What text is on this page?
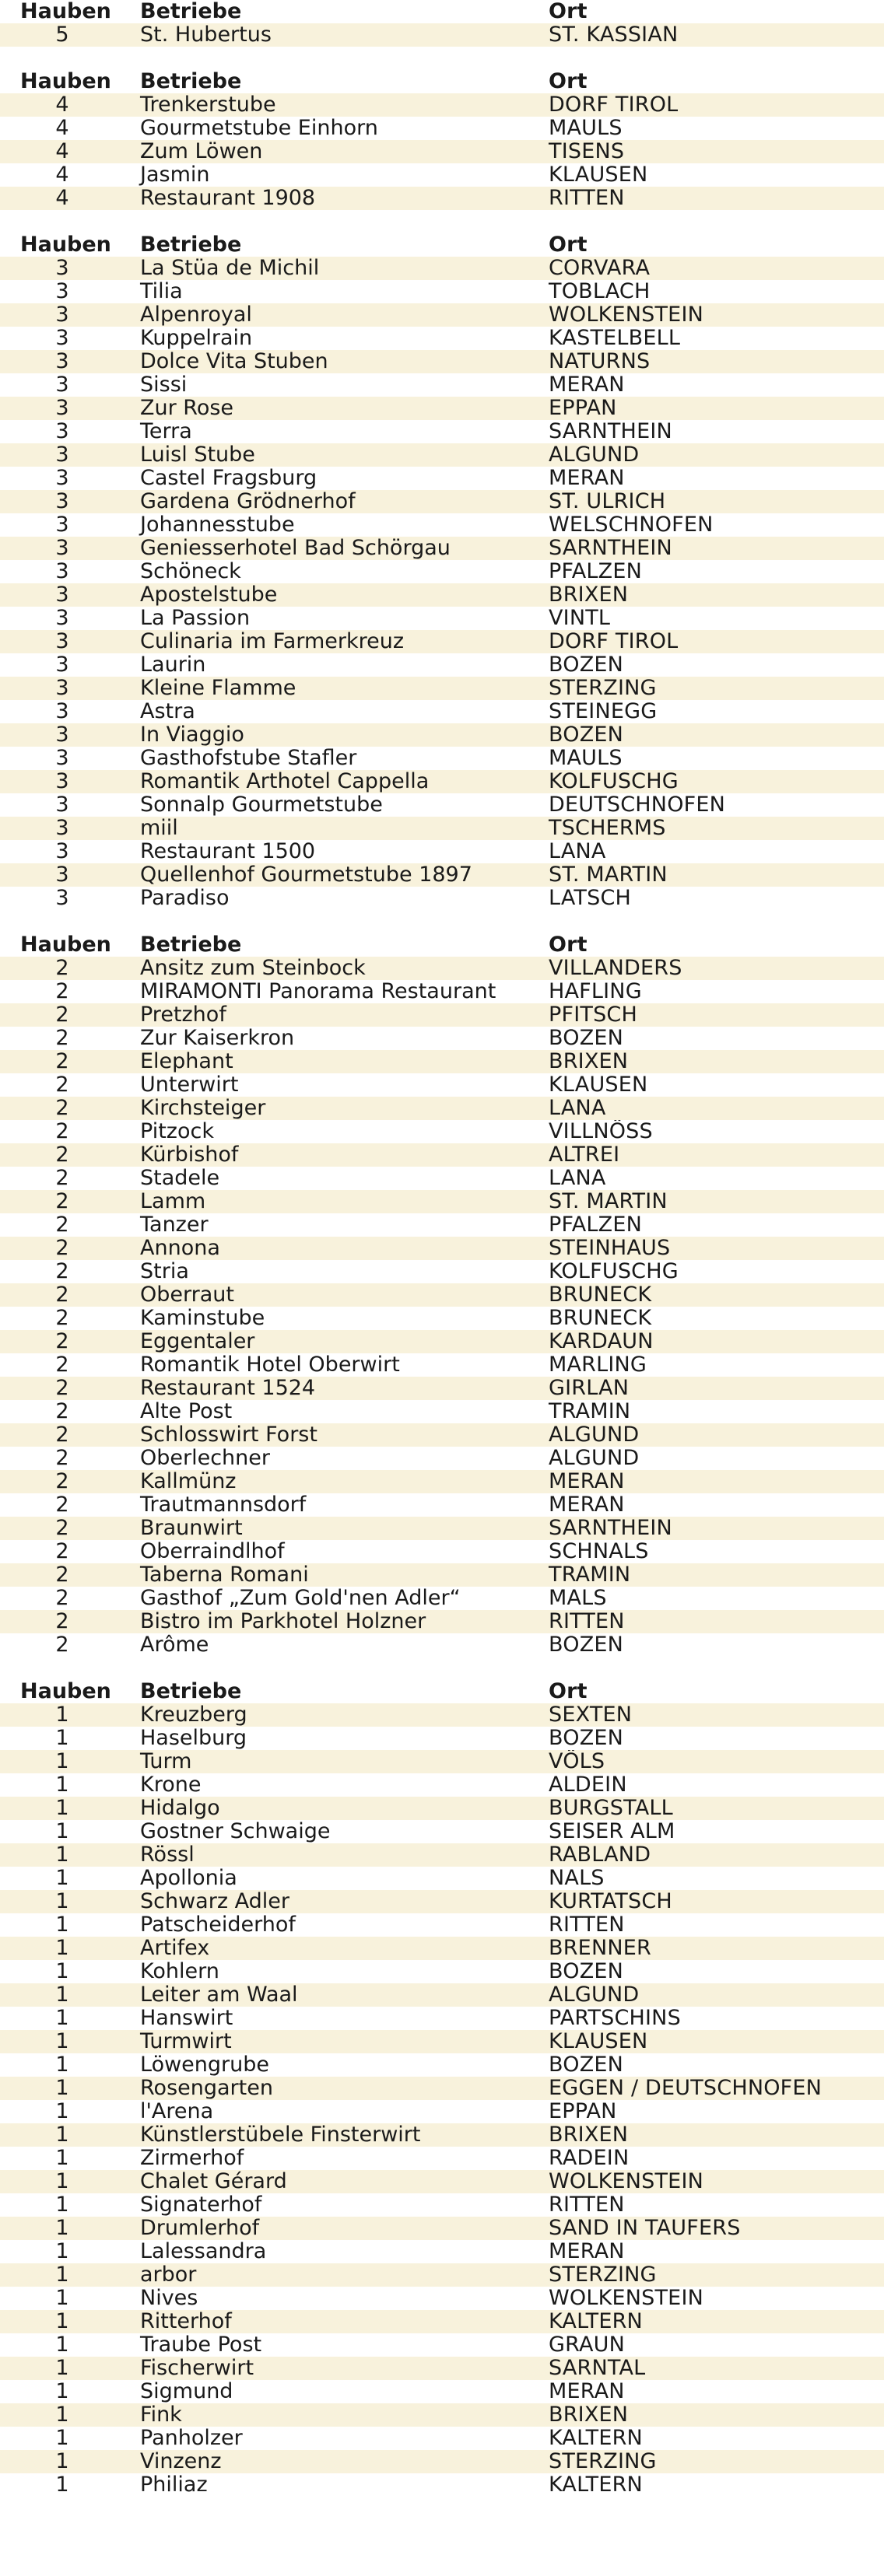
Hauben	Betriebe	Ort
5	St. Hubertus	ST. KASSIAN
Hauben	Betriebe	Ort
4	Trenkerstube	DORF TIROL
4	Gourmetstube Einhorn	MAULS
4	Zum Löwen	TISENS
4	Jasmin	KLAUSEN
4	Restaurant 1908	RITTEN
Hauben	Betriebe	Ort
3	La Stüa de Michil	CORVARA
3	Tilia	TOBLACH
3	Alpenroyal	WOLKENSTEIN
3	Kuppelrain	KASTELBELL
3	Dolce Vita Stuben	NATURNS
3	Sissi	MERAN
3	Zur Rose	EPPAN
3	Terra	SARNTHEIN
3	Luisl Stube	ALGUND
3	Castel Fragsburg	MERAN
3	Gardena Grödnerhof	ST. ULRICH
3	Johannesstube	WELSCHNOFEN
3	Geniesserhotel Bad Schörgau	SARNTHEIN
3	Schöneck	PFALZEN
3	Apostelstube	BRIXEN
3	La Passion	VINTL
3	Culinaria im Farmerkreuz	DORF TIROL
3	Laurin	BOZEN
3	Kleine Flamme	STERZING
3	Astra	STEINEGG
3	In Viaggio	BOZEN
3	Gasthofstube Stafler	MAULS
3	Romantik Arthotel Cappella	KOLFUSCHG
3	Sonnalp Gourmetstube	DEUTSCHNOFEN
3	miil	TSCHERMS
3	Restaurant 1500	LANA
3	Quellenhof Gourmetstube 1897	ST. MARTIN
3	Paradiso	LATSCH
Hauben	Betriebe	Ort
2	Ansitz zum Steinbock	VILLANDERS
2	MIRAMONTI Panorama Restaurant	HAFLING
2	Pretzhof	PFITSCH
2	Zur Kaiserkron	BOZEN
2	Elephant	BRIXEN
2	Unterwirt	KLAUSEN
2	Kirchsteiger	LANA
2	Pitzock	VILLNÖSS
2	Kürbishof	ALTREI
2	Stadele	LANA
2	Lamm	ST. MARTIN
2	Tanzer	PFALZEN
2	Annona	STEINHAUS
2	Stria	KOLFUSCHG
2	Oberraut	BRUNECK
2	Kaminstube	BRUNECK
2	Eggentaler	KARDAUN
2	Romantik Hotel Oberwirt	MARLING
2	Restaurant 1524	GIRLAN
2	Alte Post	TRAMIN
2	Schlosswirt Forst	ALGUND
2	Oberlechner	ALGUND
2	Kallmünz	MERAN
2	Trautmannsdorf	MERAN
2	Braunwirt	SARNTHEIN
2	Oberraindlhof	SCHNALS
2	Taberna Romani	TRAMIN
2	Gasthof „Zum Gold'nen Adler“	MALS
2	Bistro im Parkhotel Holzner	RITTEN
2	Arôme	BOZEN
Hauben	Betriebe	Ort
1	Kreuzberg	SEXTEN
1	Haselburg	BOZEN
1	Turm	VÖLS
1	Krone	ALDEIN
1	Hidalgo	BURGSTALL
1	Gostner Schwaige	SEISER ALM
1	Rössl	RABLAND
1	Apollonia	NALS
1	Schwarz Adler	KURTATSCH
1	Patscheiderhof	RITTEN
1	Artifex	BRENNER
1	Kohlern	BOZEN
1	Leiter am Waal	ALGUND
1	Hanswirt	PARTSCHINS
1	Turmwirt	KLAUSEN
1	Löwengrube	BOZEN
1	Rosengarten	EGGEN / DEUTSCHNOFEN
1	l'Arena	EPPAN
1	Künstlerstübele Finsterwirt	BRIXEN
1	Zirmerhof	RADEIN
1	Chalet Gérard	WOLKENSTEIN
1	Signaterhof	RITTEN
1	Drumlerhof	SAND IN TAUFERS
1	Lalessandra	MERAN
1	arbor	STERZING
1	Nives	WOLKENSTEIN
1	Ritterhof	KALTERN
1	Traube Post	GRAUN
1	Fischerwirt	SARNTAL
1	Sigmund	MERAN
1	Fink	BRIXEN
1	Panholzer	KALTERN
1	Vinzenz	STERZING
1	Philiaz	KALTERN
